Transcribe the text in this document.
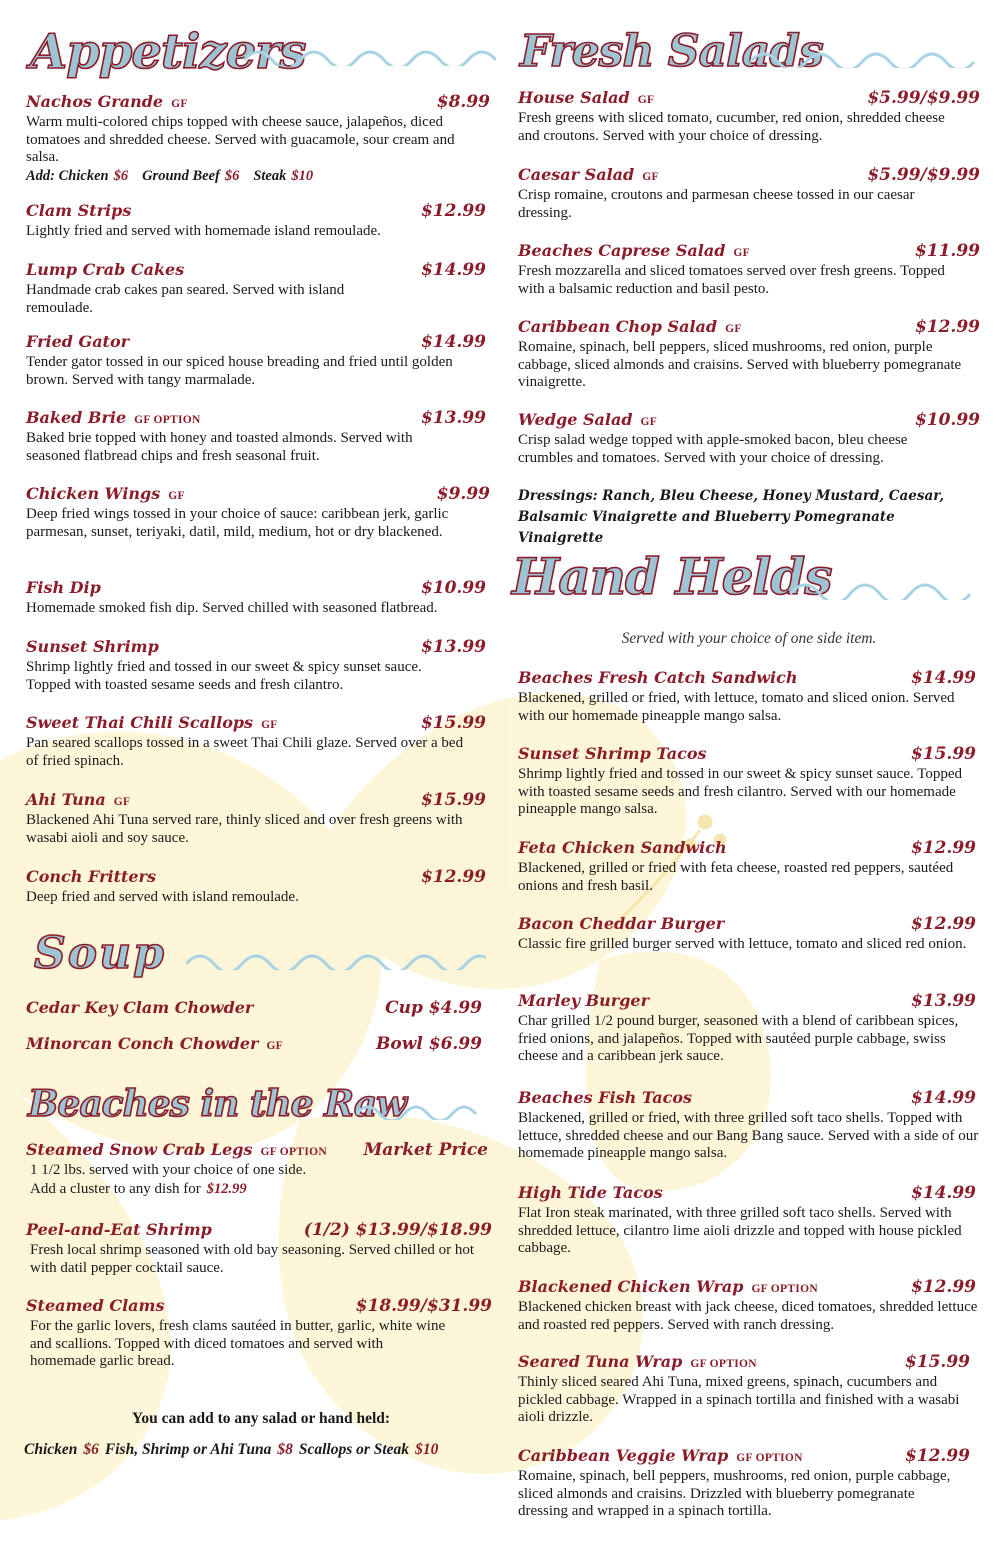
Appetizers
Nachos Grande GF	$8.99
Warm multi-colored chips topped with cheese sauce, jalapeños, diced tomatoes and shredded cheese. Served with guacamole, sour cream and salsa.
Add: Chicken $6 Ground Beef $6 Steak $10
Clam Strips	$12.99
Lightly fried and served with homemade island remoulade.
Lump Crab Cakes	$14.99
Handmade crab cakes pan seared. Served with island remoulade.
Fried Gator	$14.99
Tender gator tossed in our spiced house breading and fried until golden brown. Served with tangy marmalade.
Baked Brie GF OPTION	$13.99
Baked brie topped with honey and toasted almonds. Served with seasoned flatbread chips and fresh seasonal fruit.
Chicken Wings GF	$9.99
Deep fried wings tossed in your choice of sauce: caribbean jerk, garlic parmesan, sunset, teriyaki, datil, mild, medium, hot or dry blackened.
Fish Dip	$10.99
Homemade smoked fish dip. Served chilled with seasoned flatbread.
Sunset Shrimp	$13.99
Shrimp lightly fried and tossed in our sweet & spicy sunset sauce. Topped with toasted sesame seeds and fresh cilantro.
Sweet Thai Chili Scallops GF	$15.99
Pan seared scallops tossed in a sweet Thai Chili glaze. Served over a bed of fried spinach.
Ahi Tuna GF	$15.99
Blackened Ahi Tuna served rare, thinly sliced and over fresh greens with wasabi aioli and soy sauce.
Conch Fritters	$12.99
Deep fried and served with island remoulade.
Soup
Cedar Key Clam Chowder	Cup $4.99
Minorcan Conch Chowder GF	Bowl $6.99
Beaches in the Raw
Steamed Snow Crab Legs GF OPTION	Market Price
1 1/2 lbs. served with your choice of one side.
Add a cluster to any dish for $12.99
Peel-and-Eat Shrimp	(1/2) $13.99/$18.99
Fresh local shrimp seasoned with old bay seasoning. Served chilled or hot with datil pepper cocktail sauce.
Steamed Clams	$18.99/$31.99
For the garlic lovers, fresh clams sautéed in butter, garlic, white wine and scallions. Topped with diced tomatoes and served with homemade garlic bread.
You can add to any salad or hand held:
Chicken $6 Fish, Shrimp or Ahi Tuna $8 Scallops or Steak $10
Fresh Salads
House Salad GF	$5.99/$9.99
Fresh greens with sliced tomato, cucumber, red onion, shredded cheese and croutons. Served with your choice of dressing.
Caesar Salad GF	$5.99/$9.99
Crisp romaine, croutons and parmesan cheese tossed in our caesar dressing.
Beaches Caprese Salad GF	$11.99
Fresh mozzarella and sliced tomatoes served over fresh greens. Topped with a balsamic reduction and basil pesto.
Caribbean Chop Salad GF	$12.99
Romaine, spinach, bell peppers, sliced mushrooms, red onion, purple cabbage, sliced almonds and craisins. Served with blueberry pomegranate vinaigrette.
Wedge Salad GF	$10.99
Crisp salad wedge topped with apple-smoked bacon, bleu cheese crumbles and tomatoes. Served with your choice of dressing.
Dressings: Ranch, Bleu Cheese, Honey Mustard, Caesar,
Balsamic Vinaigrette and Blueberry Pomegranate Vinaigrette
Hand Helds
Served with your choice of one side item.
Beaches Fresh Catch Sandwich	$14.99
Blackened, grilled or fried, with lettuce, tomato and sliced onion. Served with our homemade pineapple mango salsa.
Sunset Shrimp Tacos	$15.99
Shrimp lightly fried and tossed in our sweet & spicy sunset sauce. Topped with toasted sesame seeds and fresh cilantro. Served with our homemade pineapple mango salsa.
Feta Chicken Sandwich	$12.99
Blackened, grilled or fried with feta cheese, roasted red peppers, sautéed onions and fresh basil.
Bacon Cheddar Burger	$12.99
Classic fire grilled burger served with lettuce, tomato and sliced red onion.
Marley Burger	$13.99
Char grilled 1/2 pound burger, seasoned with a blend of caribbean spices, fried onions, and jalapeños. Topped with sautéed purple cabbage, swiss cheese and a caribbean jerk sauce.
Beaches Fish Tacos	$14.99
Blackened, grilled or fried, with three grilled soft taco shells. Topped with lettuce, shredded cheese and our Bang Bang sauce. Served with a side of our homemade pineapple mango salsa.
High Tide Tacos	$14.99
Flat Iron steak marinated, with three grilled soft taco shells. Served with shredded lettuce, cilantro lime aioli drizzle and topped with house pickled cabbage.
Blackened Chicken Wrap GF OPTION	$12.99
Blackened chicken breast with jack cheese, diced tomatoes, shredded lettuce and roasted red peppers. Served with ranch dressing.
Seared Tuna Wrap GF OPTION	$15.99
Thinly sliced seared Ahi Tuna, mixed greens, spinach, cucumbers and pickled cabbage. Wrapped in a spinach tortilla and finished with a wasabi aioli drizzle.
Caribbean Veggie Wrap GF OPTION	$12.99
Romaine, spinach, bell peppers, mushrooms, red onion, purple cabbage, sliced almonds and craisins. Drizzled with blueberry pomegranate dressing and wrapped in a spinach tortilla.
